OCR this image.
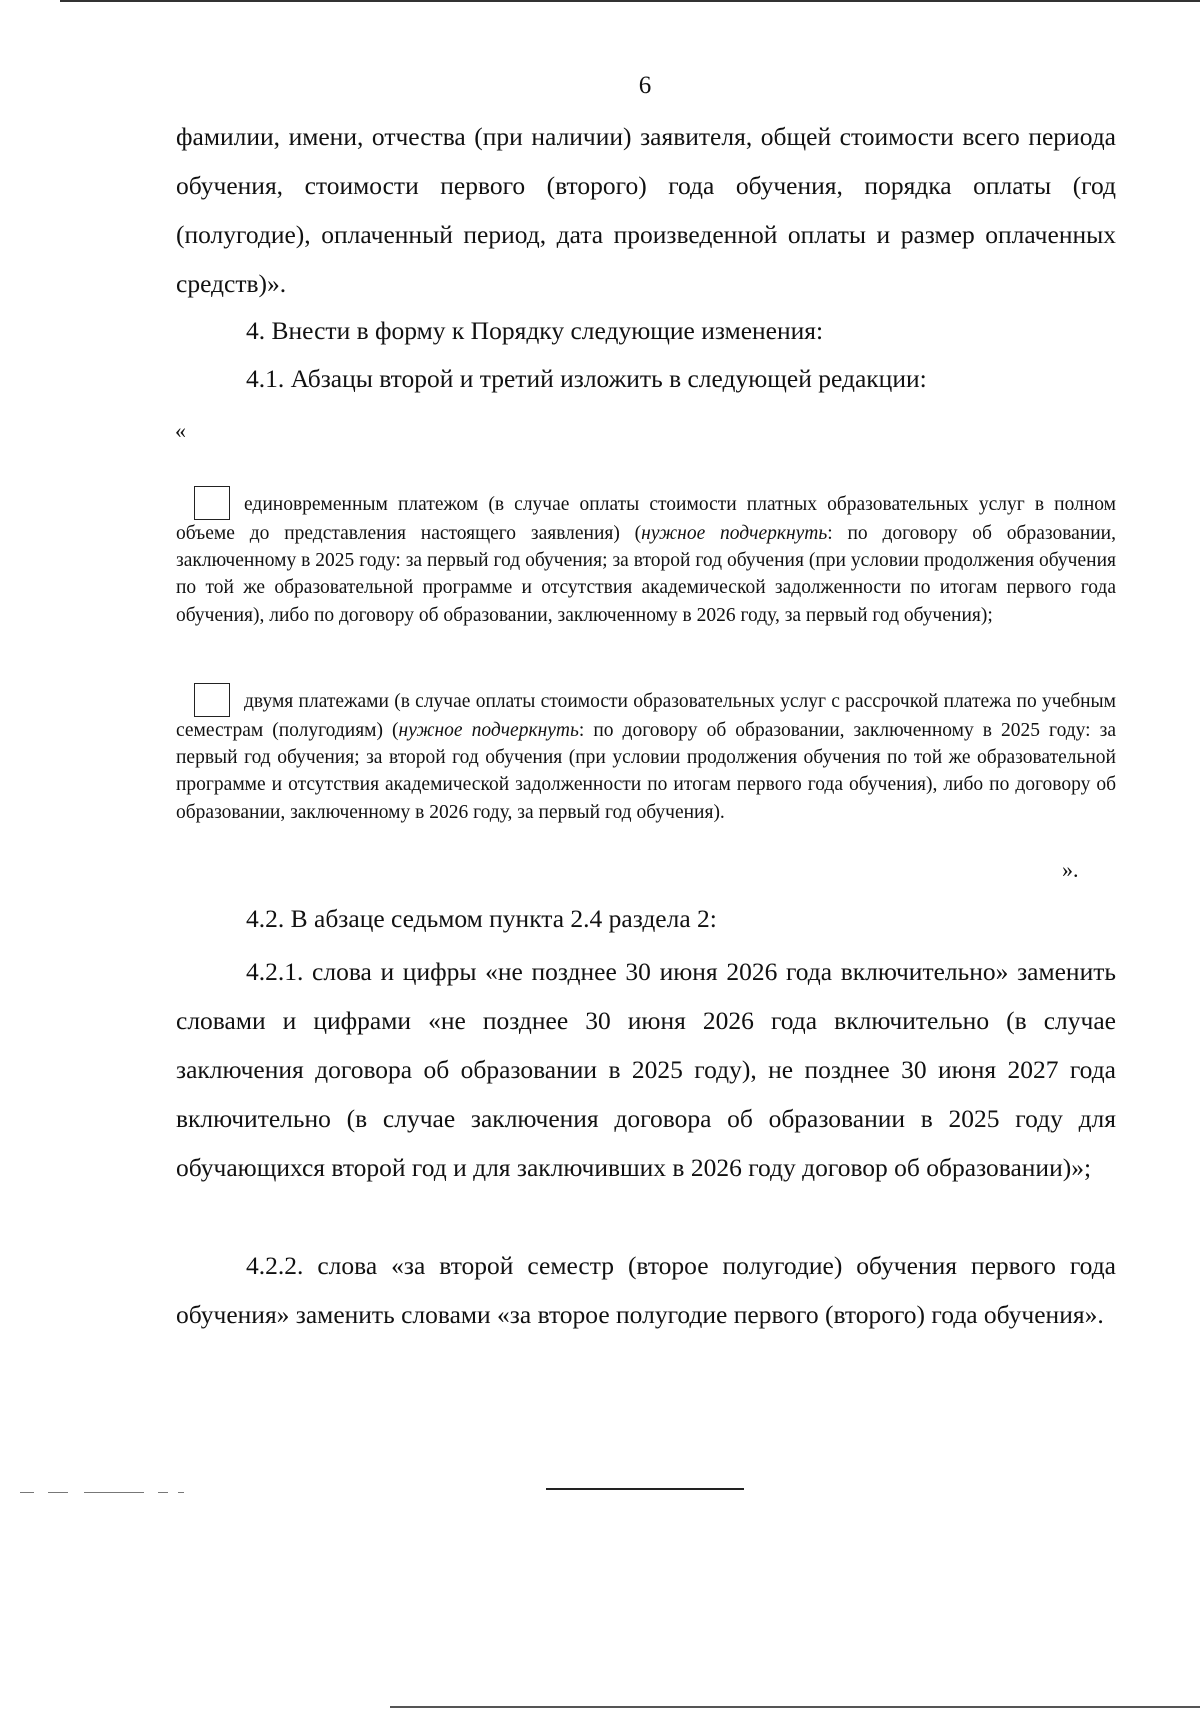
6

фамилии, имени, отчества (при наличии) заявителя, общей стоимости всего периода обучения, стоимости первого (второго) года обучения, порядка оплаты (год (полугодие), оплаченный период, дата произведенной оплаты и размер оплаченных средств)».

4. Внести в форму к Порядку следующие изменения:

4.1. Абзацы второй и третий изложить в следующей редакции:

«

единовременным платежом (в случае оплаты стоимости платных образовательных услуг в полном объеме до представления настоящего заявления) (нужное подчеркнуть: по договору об образовании, заключенному в 2025 году: за первый год обучения; за второй год обучения (при условии продолжения обучения по той же образовательной программе и отсутствия академической задолженности по итогам первого года обучения), либо по договору об образовании, заключенному в 2026 году, за первый год обучения);

двумя платежами (в случае оплаты стоимости образовательных услуг с рассрочкой платежа по учебным семестрам (полугодиям) (нужное подчеркнуть: по договору об образовании, заключенному в 2025 году: за первый год обучения; за второй год обучения (при условии продолжения обучения по той же образовательной программе и отсутствия академической задолженности по итогам первого года обучения), либо по договору об образовании, заключенному в 2026 году, за первый год обучения).

».

4.2. В абзаце седьмом пункта 2.4 раздела 2:

4.2.1. слова и цифры «не позднее 30 июня 2026 года включительно» заменить словами и цифрами «не позднее 30 июня 2026 года включительно (в случае заключения договора об образовании в 2025 году), не позднее 30 июня 2027 года включительно (в случае заключения договора об образовании в 2025 году для обучающихся второй год и для заключивших в 2026 году договор об образовании)»;

4.2.2. слова «за второй семестр (второе полугодие) обучения первого года обучения» заменить словами «за второе полугодие первого (второго) года обучения».
